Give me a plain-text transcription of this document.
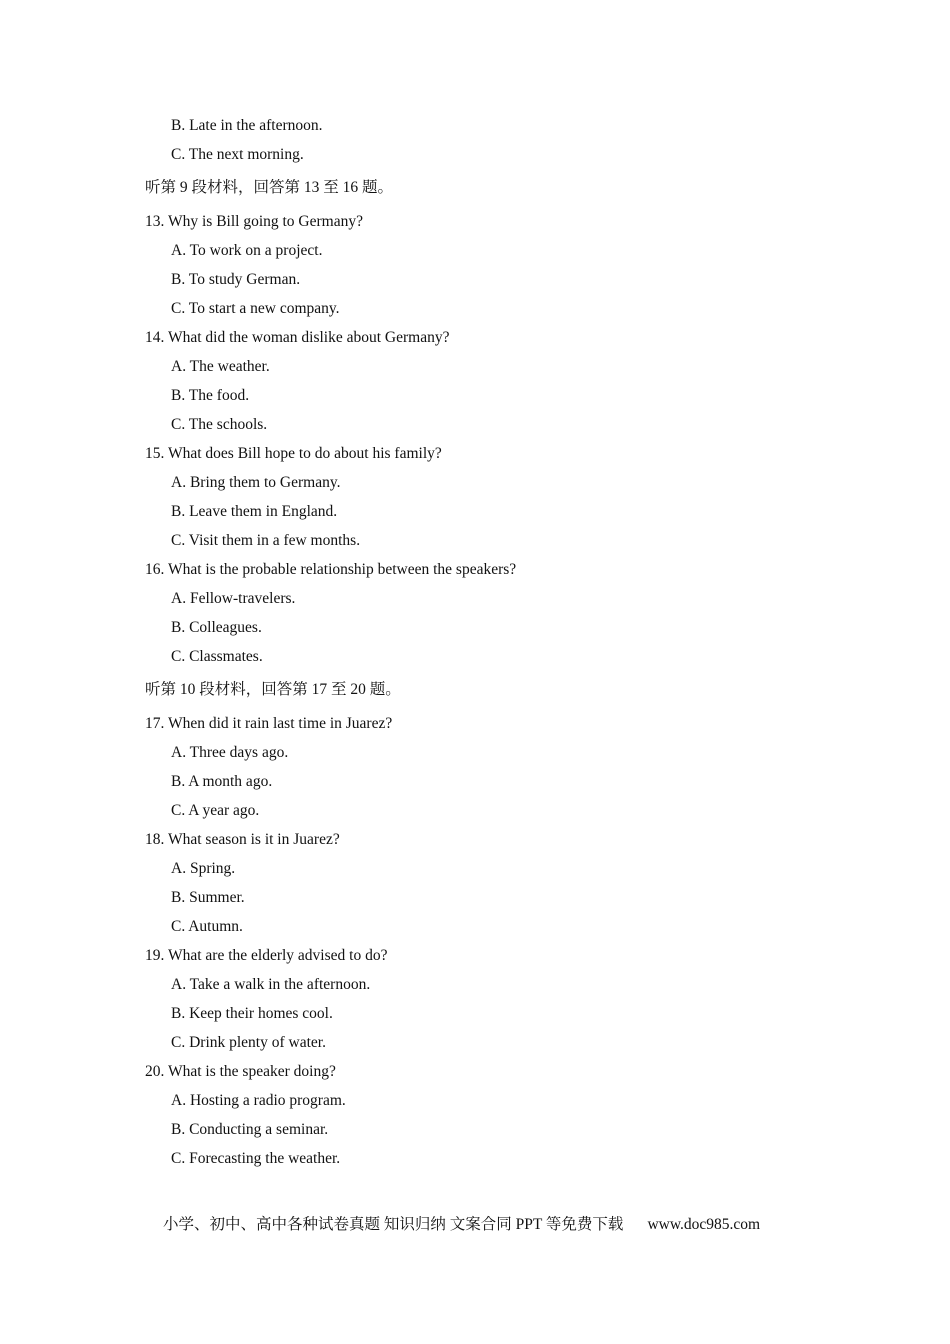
B. Late in the afternoon.
C. The next morning.
听第 9 段材料，回答第 13 至 16 题。
13. Why is Bill going to Germany?
A. To work on a project.
B. To study German.
C. To start a new company.
14. What did the woman dislike about Germany?
A. The weather.
B. The food.
C. The schools.
15. What does Bill hope to do about his family?
A. Bring them to Germany.
B. Leave them in England.
C. Visit them in a few months.
16. What is the probable relationship between the speakers?
A. Fellow-travelers.
B. Colleagues.
C. Classmates.
听第 10 段材料，回答第 17 至 20 题。
17. When did it rain last time in Juarez?
A. Three days ago.
B. A month ago.
C. A year ago.
18. What season is it in Juarez?
A. Spring.
B. Summer.
C. Autumn.
19. What are the elderly advised to do?
A. Take a walk in the afternoon.
B. Keep their homes cool.
C. Drink plenty of water.
20. What is the speaker doing?
A. Hosting a radio program.
B. Conducting a seminar.
C. Forecasting the weather.
小学、初中、高中各种试卷真题 知识归纳 文案合同 PPT 等免费下载 www.doc985.com
